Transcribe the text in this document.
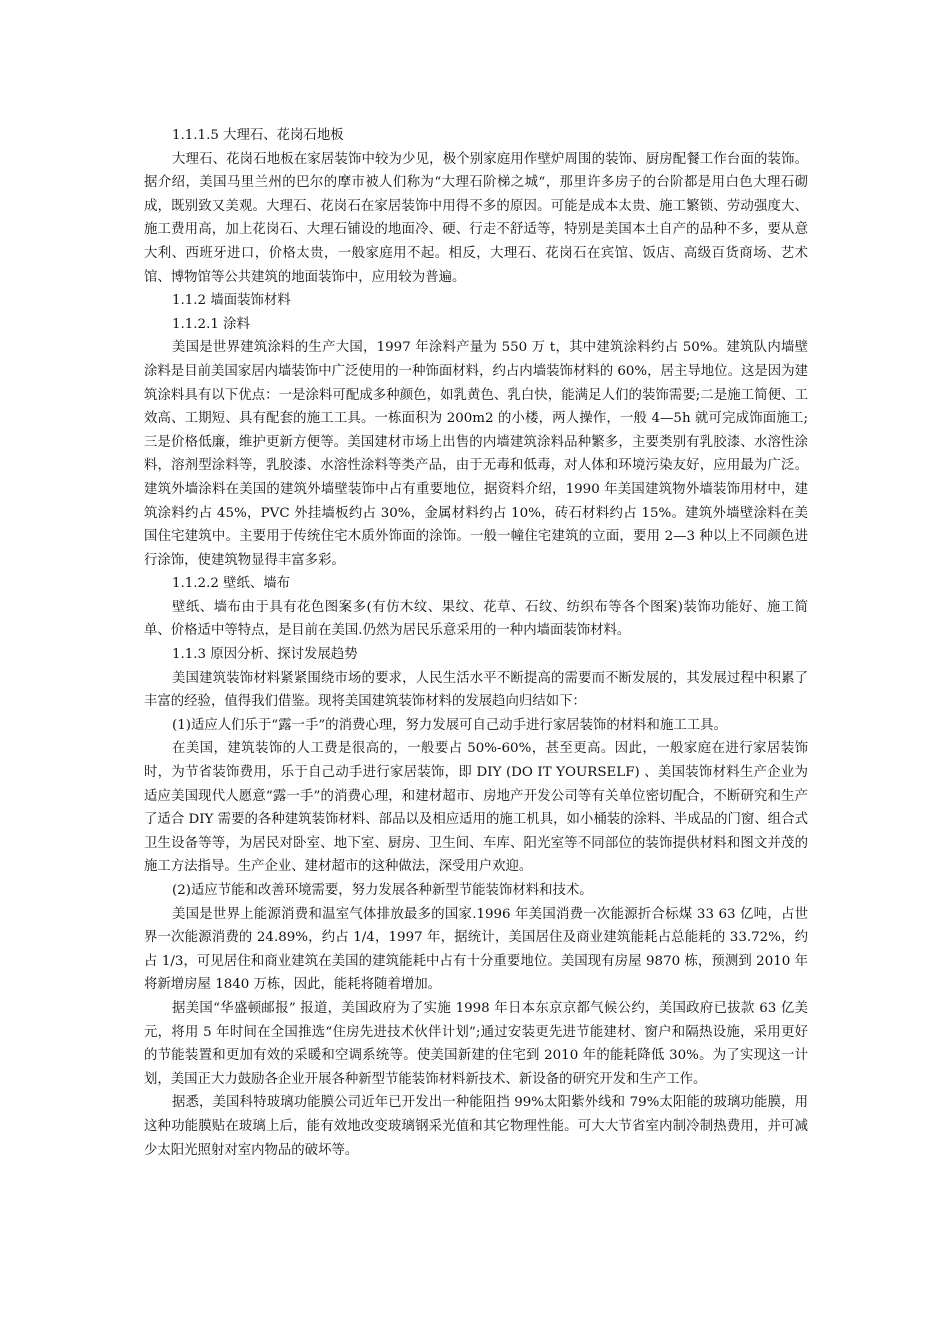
1.1.1.5 大理石、花岗石地板

大理石、花岗石地板在家居装饰中较为少见，极个别家庭用作壁炉周围的装饰、厨房配餐工作台面的装饰。据介绍，美国马里兰州的巴尔的摩市被人们称为“大理石阶梯之城“，那里许多房子的台阶都是用白色大理石砌成，既别致又美观。大理石、花岗石在家居装饰中用得不多的原因。可能是成本太贵、施工繁锁、劳动强度大、施工费用高，加上花岗石、大理石铺设的地面冷、硬、行走不舒适等，特别是美国本土自产的品种不多，要从意大利、西班牙进口，价格太贵，一般家庭用不起。相反，大理石、花岗石在宾馆、饭店、高级百货商场、艺术馆、博物馆等公共建筑的地面装饰中，应用较为普遍。

1.1.2 墙面装饰材料

1.1.2.1 涂料

美国是世界建筑涂料的生产大国，1997 年涂料产量为 550 万 t，其中建筑涂料约占 50%。建筑队内墙壁涂料是目前美国家居内墙装饰中广泛使用的一种饰面材料，约占内墙装饰材料的 60%，居主导地位。这是因为建筑涂料具有以下优点：一是涂料可配成多种颜色，如乳黄色、乳白快，能满足人们的装饰需要;二是施工简便、工效高、工期短、具有配套的施工工具。一栋面积为 200m2 的小楼，两人操作，一般 4—5h 就可完成饰面施工;三是价格低廉，维护更新方便等。美国建材市场上出售的内墙建筑涂料品种繁多，主要类别有乳胶漆、水溶性涂料，溶剂型涂料等，乳胶漆、水溶性涂料等类产品，由于无毒和低毒，对人体和环境污染友好，应用最为广泛。建筑外墙涂料在美国的建筑外墙壁装饰中占有重要地位，据资料介绍，1990 年美国建筑物外墙装饰用材中，建筑涂料约占 45%，PVC 外挂墙板约占 30%，金属材料约占 10%，砖石材料约占 15%。建筑外墙壁涂料在美国住宅建筑中。主要用于传统住宅木质外饰面的涂饰。一般一幢住宅建筑的立面，要用 2—3 种以上不同颜色进行涂饰，使建筑物显得丰富多彩。

1.1.2.2 壁纸、墙布

壁纸、墙布由于具有花色图案多(有仿木纹、果纹、花草、石纹、纺织布等各个图案)装饰功能好、施工简单、价格适中等特点，是目前在美国.仍然为居民乐意采用的一种内墙面装饰材料。

1.1.3 原因分析、探讨发展趋势

美国建筑装饰材料紧紧围绕市场的要求，人民生活水平不断提高的需要而不断发展的，其发展过程中积累了丰富的经验，值得我们借鉴。现将美国建筑装饰材料的发展趋向归结如下：

(1)适应人们乐于“露一手”的消费心理，努力发展可自己动手进行家居装饰的材料和施工工具。

在美国，建筑装饰的人工费是很高的，一般要占 50%-60%，甚至更高。因此，一般家庭在进行家居装饰时，为节省装饰费用，乐于自己动手进行家居装饰，即 DIY (DO IT YOURSELF) 、美国装饰材料生产企业为适应美国现代人愿意“露一手”的消费心理，和建材超市、房地产开发公司等有关单位密切配合，不断研究和生产了适合 DIY 需要的各种建筑装饰材料、部品以及相应适用的施工机具，如小桶装的涂料、半成品的门窗、组合式卫生设备等等，为居民对卧室、地下室、厨房、卫生间、车库、阳光室等不同部位的装饰提供材料和图文并茂的施工方法指导。生产企业、建材超市的这种做法，深受用户欢迎。

(2)适应节能和改善环境需要，努力发展各种新型节能装饰材料和技术。

美国是世界上能源消费和温室气体排放最多的国家.1996 年美国消费一次能源折合标煤 33 63 亿吨，占世界一次能源消费的 24.89%，约占 1/4，1997 年，据统计，美国居住及商业建筑能耗占总能耗的 33.72%，约占 1/3，可见居住和商业建筑在美国的建筑能耗中占有十分重要地位。美国现有房屋 9870 栋，预测到 2010 年将新增房屋 1840 万栋，因此，能耗将随着增加。

据美国“华盛顿邮报” 报道，美国政府为了实施 1998 年日本东京京都气候公约，美国政府已拔款 63 亿美元，将用 5 年时间在全国推选“住房先进技术伙伴计划”;通过安装更先进节能建材、窗户和隔热设施，采用更好的节能装置和更加有效的采暖和空调系统等。使美国新建的住宅到 2010 年的能耗降低 30%。为了实现这一计划，美国正大力鼓励各企业开展各种新型节能装饰材料新技术、新设备的研究开发和生产工作。

据悉，美国科特玻璃功能膜公司近年已开发出一种能阻挡 99%太阳紫外线和 79%太阳能的玻璃功能膜，用这种功能膜贴在玻璃上后，能有效地改变玻璃钢采光值和其它物理性能。可大大节省室内制冷制热费用，并可减少太阳光照射对室内物品的破坏等。
